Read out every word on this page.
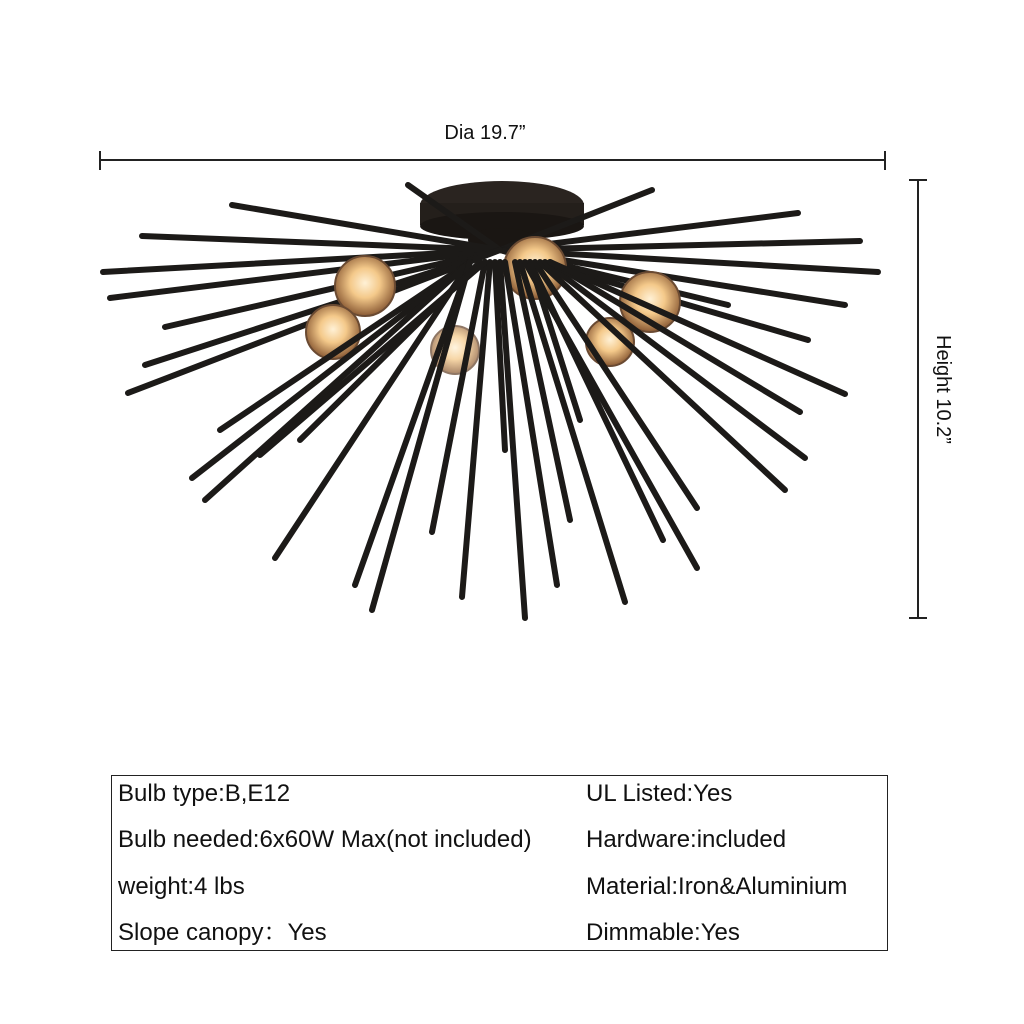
Dia 19.7”
Height 10.2”
Bulb type:B,E12
Bulb needed:6x60W Max(not included)
weight:4 lbs
Slope canopy：Yes
UL Listed:Yes
Hardware:included
Material:Iron&Aluminium
Dimmable:Yes
